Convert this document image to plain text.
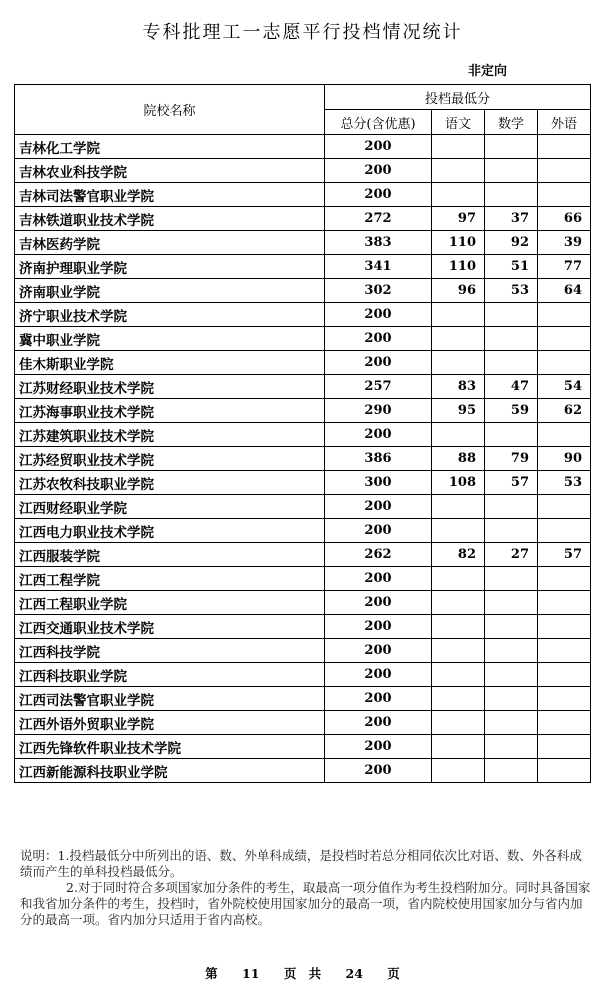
专科批理工一志愿平行投档情况统计
非定向
院校名称	投档最低分			
	总分(含优惠)	语文	数学	外语
吉林化工学院	200			
吉林农业科技学院	200			
吉林司法警官职业学院	200			
吉林铁道职业技术学院	272	97	37	66
吉林医药学院	383	110	92	39
济南护理职业学院	341	110	51	77
济南职业学院	302	96	53	64
济宁职业技术学院	200			
冀中职业学院	200			
佳木斯职业学院	200			
江苏财经职业技术学院	257	83	47	54
江苏海事职业技术学院	290	95	59	62
江苏建筑职业技术学院	200			
江苏经贸职业技术学院	386	88	79	90
江苏农牧科技职业学院	300	108	57	53
江西财经职业学院	200			
江西电力职业技术学院	200			
江西服装学院	262	82	27	57
江西工程学院	200			
江西工程职业学院	200			
江西交通职业技术学院	200			
江西科技学院	200			
江西科技职业学院	200			
江西司法警官职业学院	200			
江西外语外贸职业学院	200			
江西先锋软件职业技术学院	200			
江西新能源科技职业学院	200			

说明：1.投档最低分中所列出的语、数、外单科成绩，是投档时若总分相同依次比对语、数、外各科成绩而产生的单科投档最低分。

2.对于同时符合多项国家加分条件的考生，取最高一项分值作为考生投档附加分。同时具备国家和我省加分条件的考生，投档时，省外院校使用国家加分的最高一项，省内院校使用国家加分与省内加分的最高一项。省内加分只适用于省内高校。

第 11 页 共 24 页
